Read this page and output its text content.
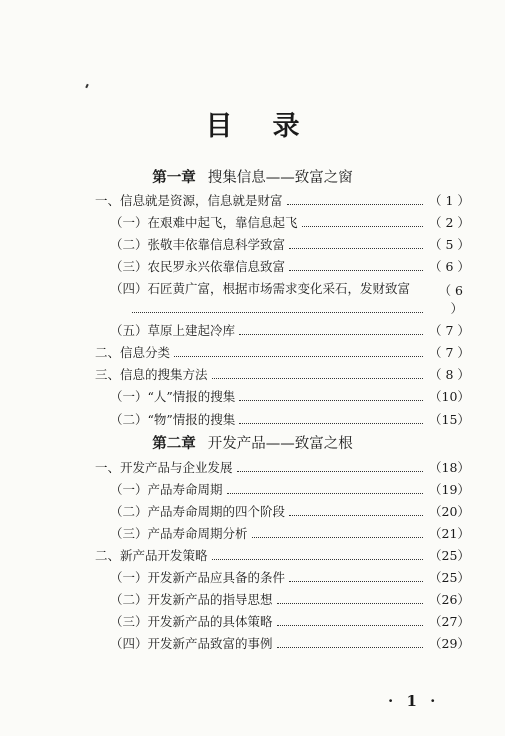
目录
第一章 搜集信息——致富之窗
一、信息就是资源，信息就是财富	（ 1 ）
（一）在艰难中起飞，靠信息起飞	（ 2 ）
（二）张敬丰依靠信息科学致富	（ 5 ）
（三）农民罗永兴依靠信息致富	（ 6 ）
（四）石匠黄广富，根据市场需求变化采石，发财致富	（ 6 ）
（五）草原上建起冷库	（ 7 ）
二、信息分类	（ 7 ）
三、信息的搜集方法	（ 8 ）
（一）“人”情报的搜集	（10）
（二）“物”情报的搜集	（15）
第二章 开发产品——致富之根
一、开发产品与企业发展	（18）
（一）产品寿命周期	（19）
（二）产品寿命周期的四个阶段	（20）
（三）产品寿命周期分析	（21）
二、新产品开发策略	（25）
（一）开发新产品应具备的条件	（25）
（二）开发新产品的指导思想	（26）
（三）开发新产品的具体策略	（27）
（四）开发新产品致富的事例	（29）
· 1 ·
